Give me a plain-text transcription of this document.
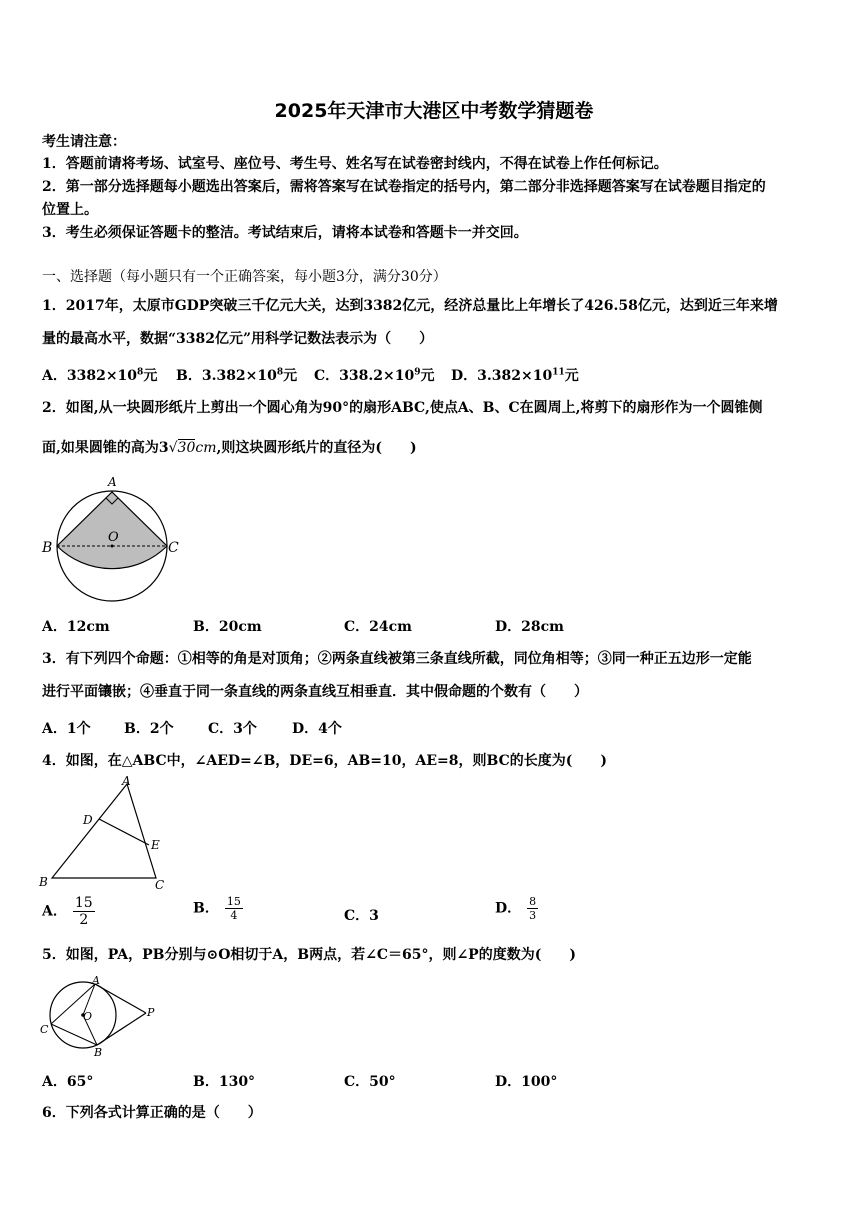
2025年天津市大港区中考数学猜题卷
考生请注意：
1．答题前请将考场、试室号、座位号、考生号、姓名写在试卷密封线内，不得在试卷上作任何标记。
2．第一部分选择题每小题选出答案后，需将答案写在试卷指定的括号内，第二部分非选择题答案写在试卷题目指定的
位置上。
3．考生必须保证答题卡的整洁。考试结束后，请将本试卷和答题卡一并交回。
一、选择题（每小题只有一个正确答案，每小题3分，满分30分）
1．2017年，太原市GDP突破三千亿元大关，达到3382亿元，经济总量比上年增长了426.58亿元，达到近三年来增
量的最高水平，数据“3382亿元”用科学记数法表示为（　　）
A．$3382\times 10^8$元 B．$3.382\times 10^8$元 C．$338.2\times 10^9$元 D．$3.382\times 10^{11}$元
2．如图,从一块圆形纸片上剪出一个圆心角为90°的扇形ABC,使点A、B、C在圆周上,将剪下的扇形作为一个圆锥侧
面,如果圆锥的高为3√30cm,则这块圆形纸片的直径为(　　)
A
B	C
O
A．12cm	B．20cm	C．24cm	D．28cm
3．有下列四个命题：①相等的角是对顶角；②两条直线被第三条直线所截，同位角相等；③同一种正五边形一定能
进行平面镶嵌；④垂直于同一条直线的两条直线互相垂直．其中假命题的个数有（　　）
A．1个 B．2个 C．3个	D．4个
4．如图，在△ABC中，∠AED=∠B，DE=6，AB=10，AE=8，则BC的长度为(　　)
A
B	C
D
E
A． $\frac{15}{2}$	B． $\frac{15}{4}$	C．3	D． $\frac{8}{3}$
5．如图，PA，PB分别与⊙O相切于A，B两点，若∠C＝65°，则∠P的度数为(　　)
A
B
C
O	P
A．65°	B．130°	C．50°	D．100°
6．下列各式计算正确的是（　　）
